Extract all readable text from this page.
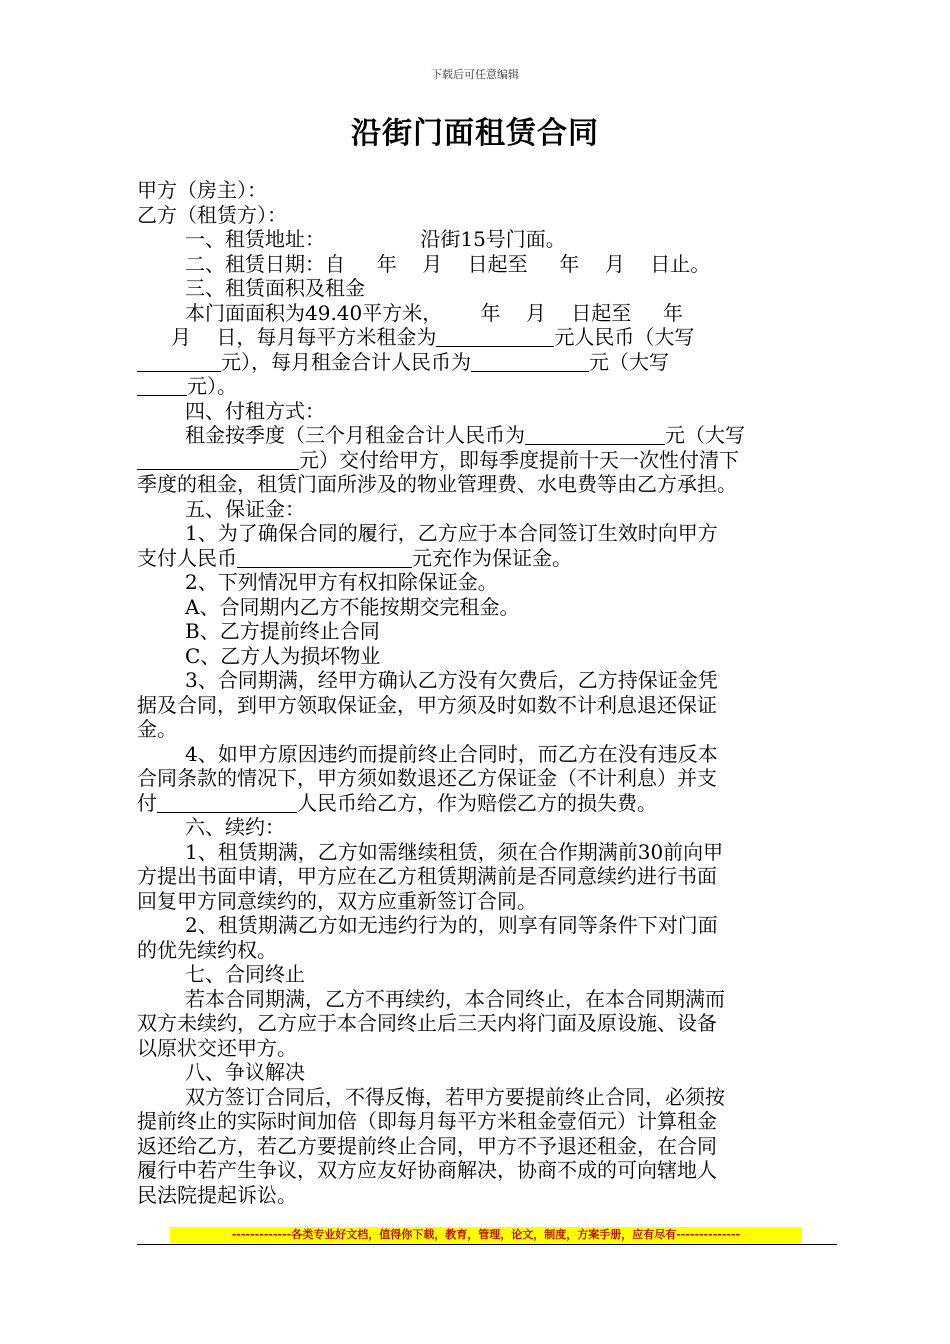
下载后可任意编辑
沿街门面租赁合同
甲方（房主）：
乙方（租赁方）：
一、租赁地址：               沿街15号门面。
二、租赁日期：自     年    月    日起至     年    月    日止。
三、租赁面积及租金
本门面面积为49.40平方米，      年    月    日起至     年
月    日，每月每平方米租金为	元人民币（大写
元），每月租金合计人民币为	元（大写
元）。
四、付租方式：
租金按季度（三个月租金合计人民币为	元（大写
元）交付给甲方，即每季度提前十天一次性付清下
季度的租金，租赁门面所涉及的物业管理费、水电费等由乙方承担。
五、保证金：
1、为了确保合同的履行，乙方应于本合同签订生效时向甲方
支付人民币	元充作为保证金。
2、下列情况甲方有权扣除保证金。
A、合同期内乙方不能按期交完租金。
B、乙方提前终止合同
C、乙方人为损坏物业
3、合同期满，经甲方确认乙方没有欠费后，乙方持保证金凭
据及合同，到甲方领取保证金，甲方须及时如数不计利息退还保证
金。
4、如甲方原因违约而提前终止合同时，而乙方在没有违反本
合同条款的情况下，甲方须如数退还乙方保证金（不计利息）并支
付	人民币给乙方，作为赔偿乙方的损失费。
六、续约：
1、租赁期满，乙方如需继续租赁，须在合作期满前30前向甲
方提出书面申请，甲方应在乙方租赁期满前是否同意续约进行书面
回复甲方同意续约的，双方应重新签订合同。
2、租赁期满乙方如无违约行为的，则享有同等条件下对门面
的优先续约权。
七、合同终止
若本合同期满，乙方不再续约，本合同终止，在本合同期满而
双方未续约，乙方应于本合同终止后三天内将门面及原设施、设备
以原状交还甲方。
八、争议解决
双方签订合同后，不得反悔，若甲方要提前终止合同，必须按
提前终止的实际时间加倍（即每月每平方米租金壹佰元）计算租金
返还给乙方，若乙方要提前终止合同，甲方不予退还租金，在合同
履行中若产生争议，双方应友好协商解决，协商不成的可向辖地人
民法院提起诉讼。
-------------各类专业好文档，值得你下载，教育，管理，论文，制度，方案手册，应有尽有--------------
